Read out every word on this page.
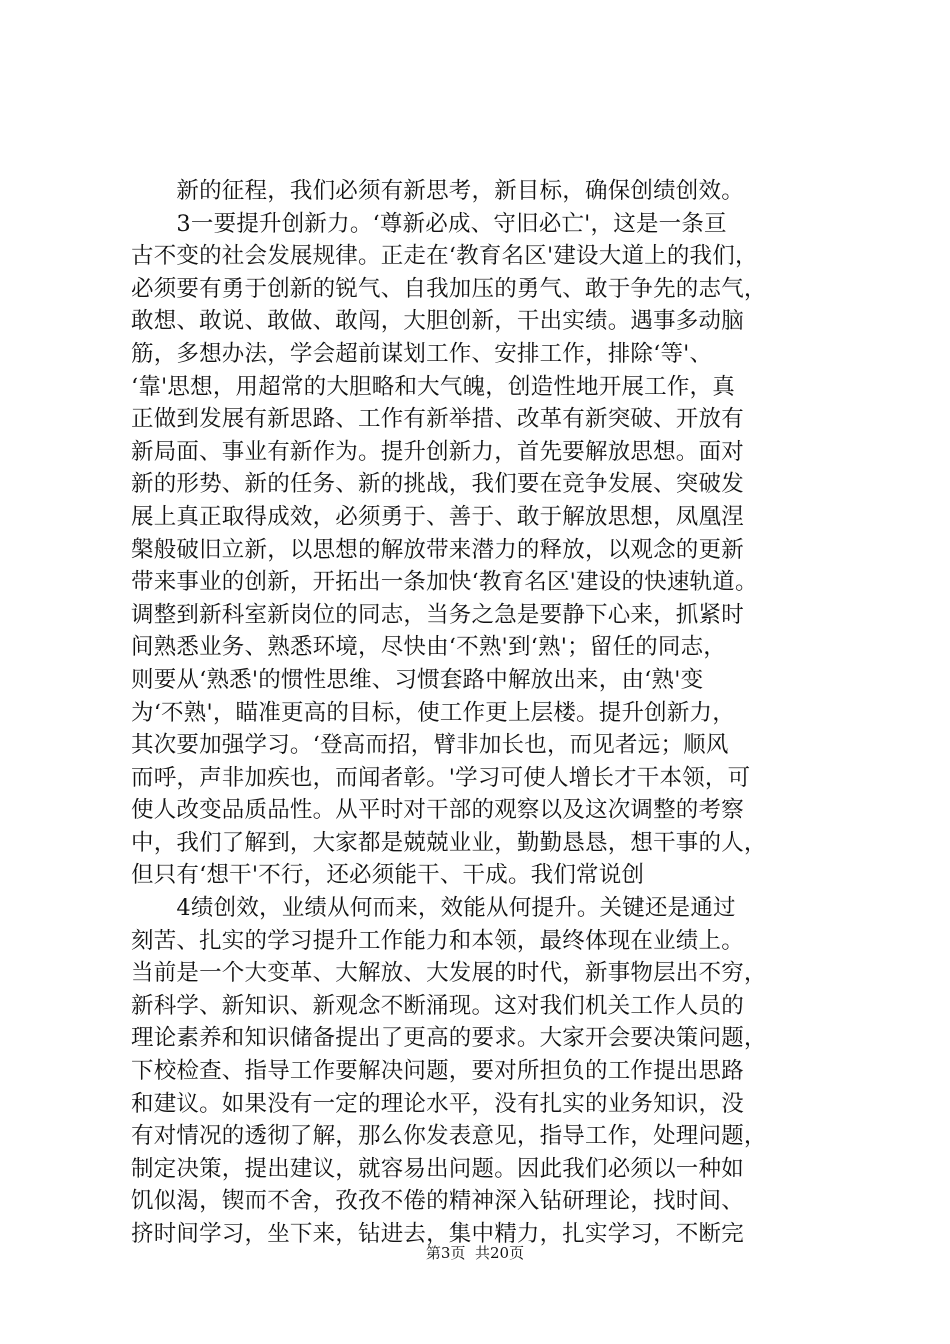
　　新的征程，我们必须有新思考，新目标，确保创绩创效。
　　3一要提升创新力。‘尊新必成、守旧必亡'，这是一条亘
古不变的社会发展规律。正走在‘教育名区'建设大道上的我们，
必须要有勇于创新的锐气、自我加压的勇气、敢于争先的志气，
敢想、敢说、敢做、敢闯，大胆创新，干出实绩。遇事多动脑
筋，多想办法，学会超前谋划工作、安排工作，排除‘等'、
‘靠'思想，用超常的大胆略和大气魄，创造性地开展工作，真
正做到发展有新思路、工作有新举措、改革有新突破、开放有
新局面、事业有新作为。提升创新力，首先要解放思想。面对
新的形势、新的任务、新的挑战，我们要在竞争发展、突破发
展上真正取得成效，必须勇于、善于、敢于解放思想，凤凰涅
槃般破旧立新，以思想的解放带来潜力的释放，以观念的更新
带来事业的创新，开拓出一条加快‘教育名区'建设的快速轨道。
调整到新科室新岗位的同志，当务之急是要静下心来，抓紧时
间熟悉业务、熟悉环境，尽快由‘不熟'到‘熟'；留任的同志，
则要从‘熟悉'的惯性思维、习惯套路中解放出来，由‘熟'变
为‘不熟'，瞄准更高的目标，使工作更上层楼。提升创新力，
其次要加强学习。‘登高而招，臂非加长也，而见者远；顺风
而呼，声非加疾也，而闻者彰。'学习可使人增长才干本领，可
使人改变品质品性。从平时对干部的观察以及这次调整的考察
中，我们了解到，大家都是兢兢业业，勤勤恳恳，想干事的人，
但只有‘想干'不行，还必须能干、干成。我们常说创
　　4绩创效，业绩从何而来，效能从何提升。关键还是通过
刻苦、扎实的学习提升工作能力和本领，最终体现在业绩上。
当前是一个大变革、大解放、大发展的时代，新事物层出不穷，
新科学、新知识、新观念不断涌现。这对我们机关工作人员的
理论素养和知识储备提出了更高的要求。大家开会要决策问题，
下校检查、指导工作要解决问题，要对所担负的工作提出思路
和建议。如果没有一定的理论水平，没有扎实的业务知识，没
有对情况的透彻了解，那么你发表意见，指导工作，处理问题，
制定决策，提出建议，就容易出问题。因此我们必须以一种如
饥似渴，锲而不舍，孜孜不倦的精神深入钻研理论，找时间、
挤时间学习，坐下来，钻进去，集中精力，扎实学习，不断完
第3页 共20页
